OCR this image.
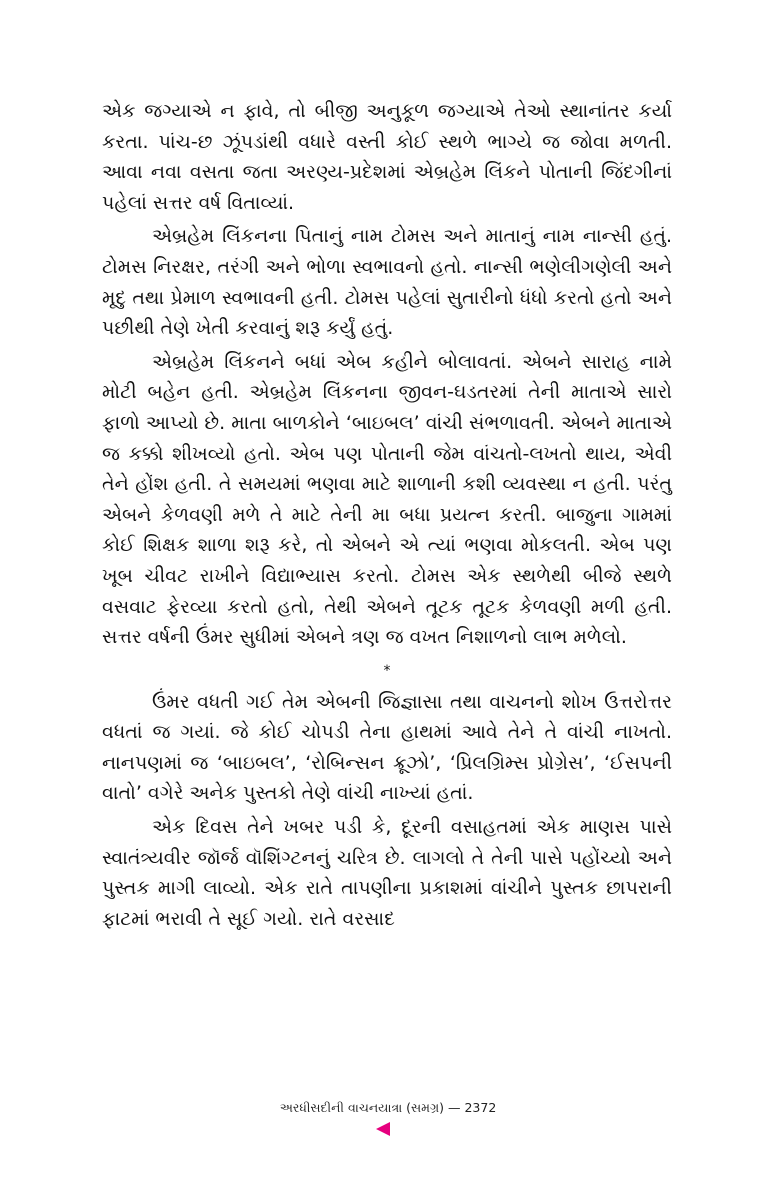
એક જગ્યાએ ન ફાવે, તો બીજી અનુકૂળ જગ્યાએ તેઓ સ્થાનાંતર કર્યા કરતા. પાંચ-છ ઝૂંપડાંથી વધારે વસ્તી કોઈ સ્થળે ભાગ્યે જ જોવા મળતી. આવા નવા વસતા જતા અરણ્ય-પ્રદેશમાં એબ્રહેમ લિંકને પોતાની જિંદગીનાં પહેલાં સત્તર વર્ષ વિતાવ્યાં.

એબ્રહેમ લિંકનના પિતાનું નામ ટોમસ અને માતાનું નામ નાન્સી હતું. ટોમસ નિરક્ષર, તરંગી અને ભોળા સ્વભાવનો હતો. નાન્સી ભણેલીગણેલી અને મૃદુ તથા પ્રેમાળ સ્વભાવની હતી. ટોમસ પહેલાં સુતારીનો ધંધો કરતો હતો અને પછીથી તેણે ખેતી કરવાનું શરૂ કર્યું હતું.

એબ્રહેમ લિંકનને બધાં એબ કહીને બોલાવતાં. એબને સારાહ નામે મોટી બહેન હતી. એબ્રહેમ લિંકનના જીવન-ઘડતરમાં તેની માતાએ સારો ફાળો આપ્યો છે. માતા બાળકોને ‘બાઇબલ’ વાંચી સંભળાવતી. એબને માતાએ જ કક્કો શીખવ્યો હતો. એબ પણ પોતાની જેમ વાંચતો-લખતો થાય, એવી તેને હોંશ હતી. તે સમયમાં ભણવા માટે શાળાની કશી વ્યવસ્થા ન હતી. પરંતુ એબને કેળવણી મળે તે માટે તેની મા બધા પ્રયત્ન કરતી. બાજુના ગામમાં કોઈ શિક્ષક શાળા શરૂ કરે, તો એબને એ ત્યાં ભણવા મોકલતી. એબ પણ ખૂબ ચીવટ રાખીને વિદ્યાભ્યાસ કરતો. ટોમસ એક સ્થળેથી બીજે સ્થળે વસવાટ ફેરવ્યા કરતો હતો, તેથી એબને તૂટક તૂટક કેળવણી મળી હતી. સત્તર વર્ષની ઉંમર સુધીમાં એબને ત્રણ જ વખત નિશાળનો લાભ મળેલો.

*

ઉંમર વધતી ગઈ તેમ એબની જિજ્ઞાસા તથા વાચનનો શોખ ઉત્તરોત્તર વધતાં જ ગયાં. જે કોઈ ચોપડી તેના હાથમાં આવે તેને તે વાંચી નાખતો. નાનપણમાં જ ‘બાઇબલ’, ‘રોબિન્સન ક્રૂઝો’, ‘પ્રિલગ્રિમ્સ પ્રોગ્રેસ’, ‘ઈસપની વાતો’ વગેરે અનેક પુસ્તકો તેણે વાંચી નાખ્યાં હતાં.

એક દિવસ તેને ખબર પડી કે, દૂરની વસાહતમાં એક માણસ પાસે સ્વાતંત્ર્યવીર જૉર્જ વૉશિંગ્ટનનું ચરિત્ર છે. લાગલો તે તેની પાસે પહોંચ્યો અને પુસ્તક માગી લાવ્યો. એક રાતે તાપણીના પ્રકાશમાં વાંચીને પુસ્તક છાપરાની ફાટમાં ભરાવી તે સૂઈ ગયો. રાતે વરસાદ

અરધીસદીની વાચનયાત્રા (સમગ્ર) — 2372
